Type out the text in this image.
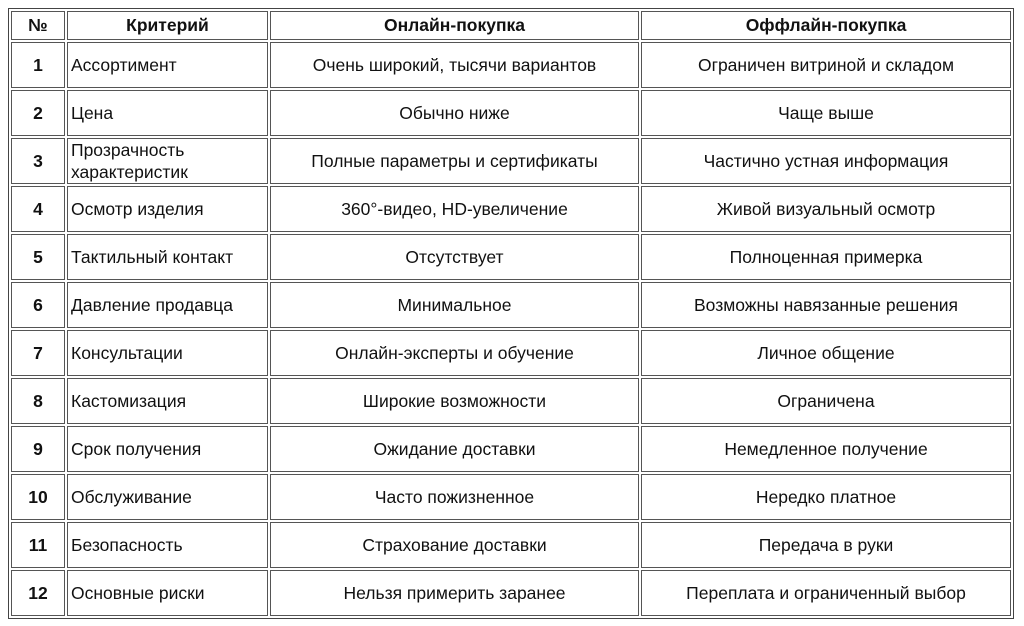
№	Критерий	Онлайн-покупка	Оффлайн-покупка

1	Ассортимент	Очень широкий, тысячи вариантов	Ограничен витриной и складом

2	Цена	Обычно ниже	Чаще выше

3	Прозрачность характеристик	Полные параметры и сертификаты	Частично устная информация

4	Осмотр изделия	360°-видео, HD-увеличение	Живой визуальный осмотр

5	Тактильный контакт	Отсутствует	Полноценная примерка

6	Давление продавца	Минимальное	Возможны навязанные решения

7	Консультации	Онлайн-эксперты и обучение	Личное общение

8	Кастомизация	Широкие возможности	Ограничена

9	Срок получения	Ожидание доставки	Немедленное получение

10	Обслуживание	Часто пожизненное	Нередко платное

11	Безопасность	Страхование доставки	Передача в руки

12	Основные риски	Нельзя примерить заранее	Переплата и ограниченный выбор
